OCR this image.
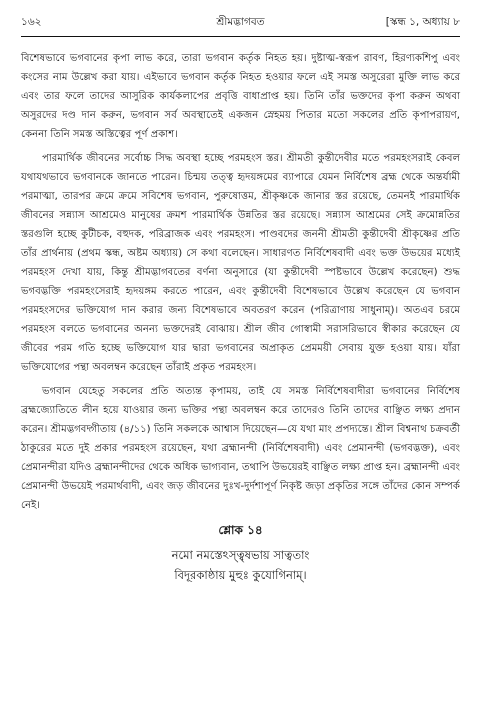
১৬২	শ্রীমদ্ভাগবত	[স্কন্ধ ১, অধ্যায় ৮

বিশেষভাবে ভগবানের কৃপা লাভ করে, তারা ভগবান কর্তৃক নিহত হয়। দুষ্টাত্ম-স্বরূপ রাবণ, হিরণ্যকশিপু এবং কংসের নাম উল্লেখ করা যায়। এইভাবে ভগবান কর্তৃক নিহত হওয়ার ফলে এই সমস্ত অসুরেরা মুক্তি লাভ করে এবং তার ফলে তাদের আসুরিক কার্যকলাপের প্রবৃত্তি বাধাপ্রাপ্ত হয়। তিনি তাঁর ভক্তদের কৃপা করুন অথবা অসুরদের দণ্ড দান করুন, ভগবান সর্ব অবস্থাতেই একজন স্নেহময় পিতার মতো সকলের প্রতি কৃপাপরায়ণ, কেননা তিনি সমস্ত অস্তিত্বের পূর্ণ প্রকাশ।

পারমার্থিক জীবনের সর্বোচ্চ সিদ্ধ অবস্থা হচ্ছে পরমহংস স্তর। শ্রীমতী কুন্তীদেবীর মতে পরমহংসরাই কেবল যথাযথভাবে ভগবানকে জানতে পারেন। চিন্ময় তত্ত্ব হৃদয়ঙ্গমের ব্যাপারে যেমন নির্বিশেষ ব্রহ্ম থেকে অন্তর্যামী পরমাত্মা, তারপর ক্রমে ক্রমে সবিশেষ ভগবান, পুরুষোত্তম, শ্রীকৃষ্ণকে জানার স্তর রয়েছে, তেমনই পারমার্থিক জীবনের সন্ন্যাস আশ্রমেও মানুষের ক্রমশ পারমার্থিক উন্নতির স্তর রয়েছে। সন্ন্যাস আশ্রমের সেই ক্রমোন্নতির স্তরগুলি হচ্ছে কুটীচক, বহুদক, পরিব্রাজক এবং পরমহংস। পাণ্ডবদের জননী শ্রীমতী কুন্তীদেবী শ্রীকৃষ্ণের প্রতি তাঁর প্রার্থনায় (প্রথম স্কন্ধ, অষ্টম অধ্যায়) সে কথা বলেছেন। সাধারণত নির্বিশেষবাদী এবং ভক্ত উভয়ের মধ্যেই পরমহংস দেখা যায়, কিন্তু শ্রীমদ্ভাগবতের বর্ণনা অনুসারে (যা কুন্তীদেবী স্পষ্টভাবে উল্লেখ করেছেন) শুদ্ধ ভগবদ্ভক্তি পরমহংসেরাই হৃদয়ঙ্গম করতে পারেন, এবং কুন্তীদেবী বিশেষভাবে উল্লেখ করেছেন যে ভগবান পরমহংসদের ভক্তিযোগ দান করার জন্য বিশেষভাবে অবতরণ করেন (পরিত্রাণায় সাধুনাম্)। অতএব চরমে পরমহংস বলতে ভগবানের অনন্য ভক্তদেরই বোঝায়। শ্রীল জীব গোস্বামী সরাসরিভাবে স্বীকার করেছেন যে জীবের পরম গতি হচ্ছে ভক্তিযোগ যার দ্বারা ভগবানের অপ্রাকৃত প্রেমময়ী সেবায় যুক্ত হওয়া যায়। যাঁরা ভক্তিযোগের পন্থা অবলম্বন করেছেন তাঁরাই প্রকৃত পরমহংস।

ভগবান যেহেতু সকলের প্রতি অত্যন্ত কৃপাময়, তাই যে সমস্ত নির্বিশেষবাদীরা ভগবানের নির্বিশেষ ব্রহ্মজ্যোতিতে লীন হয়ে যাওয়ার জন্য ভক্তির পন্থা অবলম্বন করে তাদেরও তিনি তাদের বাঞ্ছিত লক্ষ্য প্রদান করেন। শ্রীমদ্ভগবদ্গীতায় (৪/১১) তিনি সকলকে আশ্বাস দিয়েছেন—যে যথা মাং প্রপদ্যন্তে। শ্রীল বিশ্বনাথ চক্রবর্তী ঠাকুরের মতে দুই প্রকার পরমহংস রয়েছেন, যথা ব্রহ্মানন্দী (নির্বিশেষবাদী) এবং প্রেমানন্দী (ভগবদ্ভক্ত), এবং প্রেমানন্দীরা যদিও ব্রহ্মানন্দীদের থেকে অধিক ভাগ্যবান, তথাপি উভয়েরই বাঞ্ছিত লক্ষ্য প্রাপ্ত হন। ব্রহ্মানন্দী এবং প্রেমানন্দী উভয়েই পরমার্থবাদী, এবং জড় জীবনের দুঃখ-দুর্দশাপূর্ণ নিকৃষ্ট জড়া প্রকৃতির সঙ্গে তাঁদের কোন সম্পর্ক নেই।

শ্লোক ১৪
নমো নমস্তেঽস্ত্বৃষভায় সাত্বতাং
বিদূরকাষ্ঠায় মুহুঃ কুযোগিনাম্।
